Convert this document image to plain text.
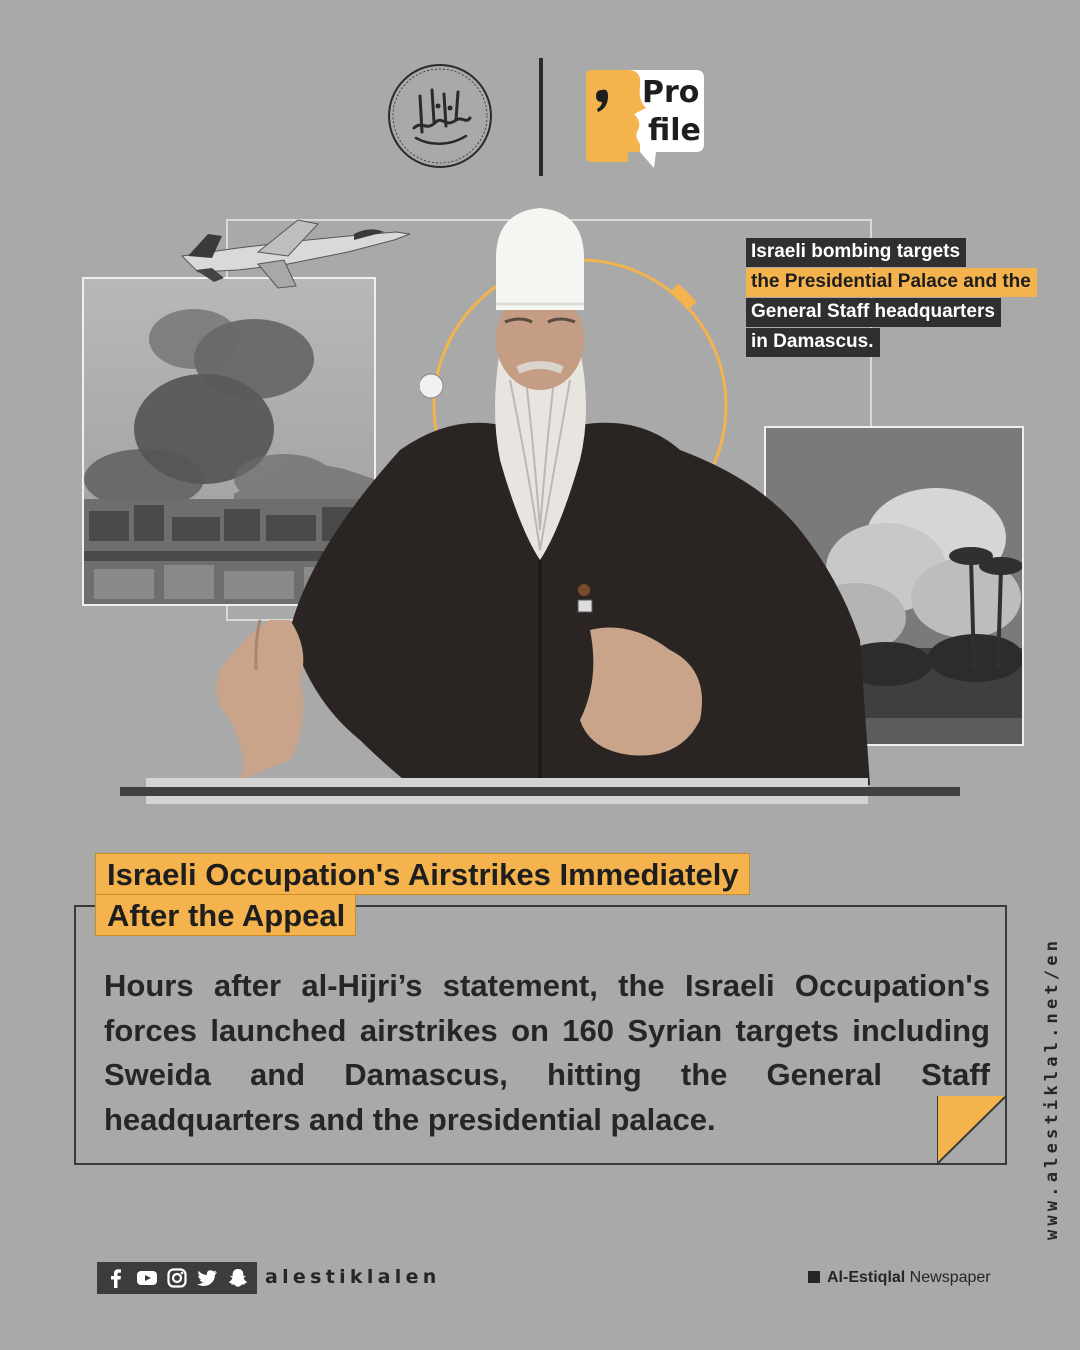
Pro
file
Israeli bombing targets
the Presidential Palace and the
General Staff headquarters
in Damascus.
Israeli Occupation's Airstrikes Immediately
After the Appeal
Hours after al-Hijri’s statement, the Israeli Occupation's forces launched airstrikes on 160 Syrian targets including Sweida and Damascus, hitting the General Staff headquarters and the presidential palace.	www.alestiklal.net/en
alestiklalen	Al-Estiqlal Newspaper
